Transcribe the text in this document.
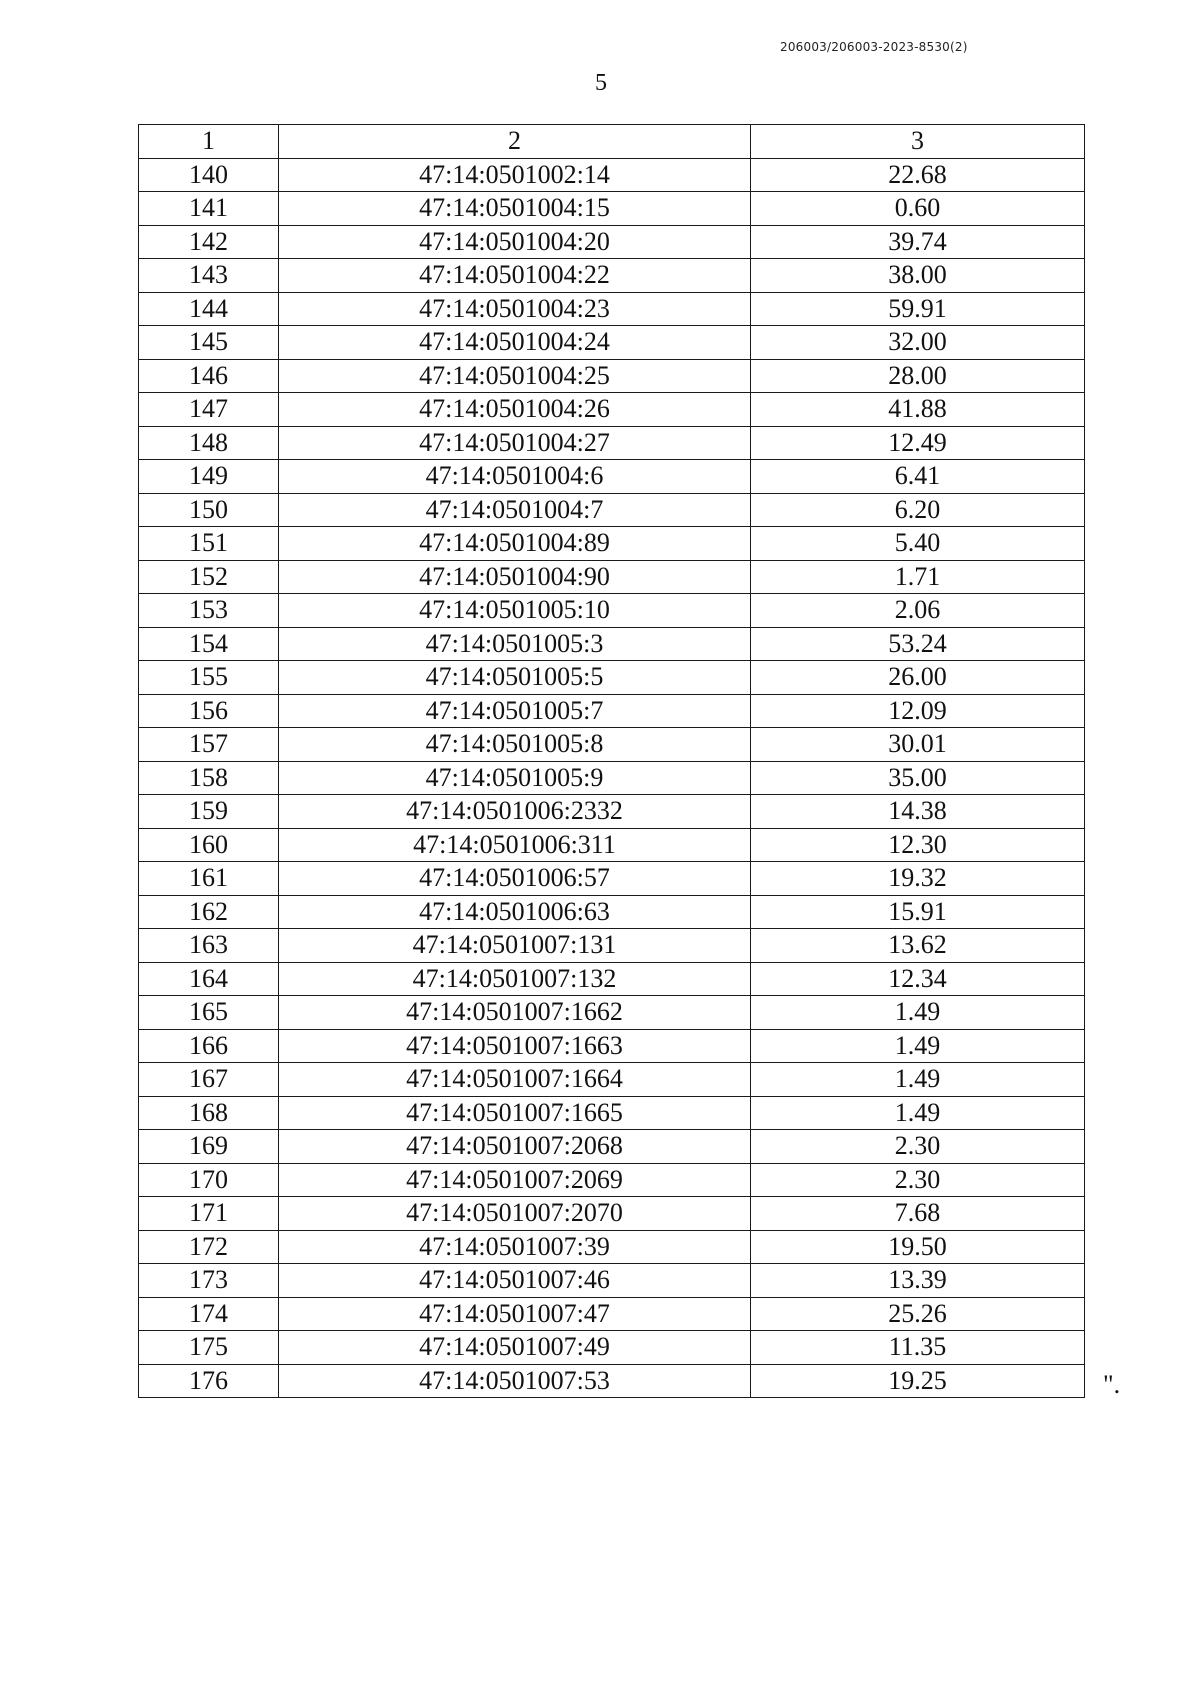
206003/206003-2023-8530(2)
5
1	2	3
140	47:14:0501002:14	22.68
141	47:14:0501004:15	0.60
142	47:14:0501004:20	39.74
143	47:14:0501004:22	38.00
144	47:14:0501004:23	59.91
145	47:14:0501004:24	32.00
146	47:14:0501004:25	28.00
147	47:14:0501004:26	41.88
148	47:14:0501004:27	12.49
149	47:14:0501004:6	6.41
150	47:14:0501004:7	6.20
151	47:14:0501004:89	5.40
152	47:14:0501004:90	1.71
153	47:14:0501005:10	2.06
154	47:14:0501005:3	53.24
155	47:14:0501005:5	26.00
156	47:14:0501005:7	12.09
157	47:14:0501005:8	30.01
158	47:14:0501005:9	35.00
159	47:14:0501006:2332	14.38
160	47:14:0501006:311	12.30
161	47:14:0501006:57	19.32
162	47:14:0501006:63	15.91
163	47:14:0501007:131	13.62
164	47:14:0501007:132	12.34
165	47:14:0501007:1662	1.49
166	47:14:0501007:1663	1.49
167	47:14:0501007:1664	1.49
168	47:14:0501007:1665	1.49
169	47:14:0501007:2068	2.30
170	47:14:0501007:2069	2.30
171	47:14:0501007:2070	7.68
172	47:14:0501007:39	19.50
173	47:14:0501007:46	13.39
174	47:14:0501007:47	25.26
175	47:14:0501007:49	11.35
176	47:14:0501007:53	19.25	".
